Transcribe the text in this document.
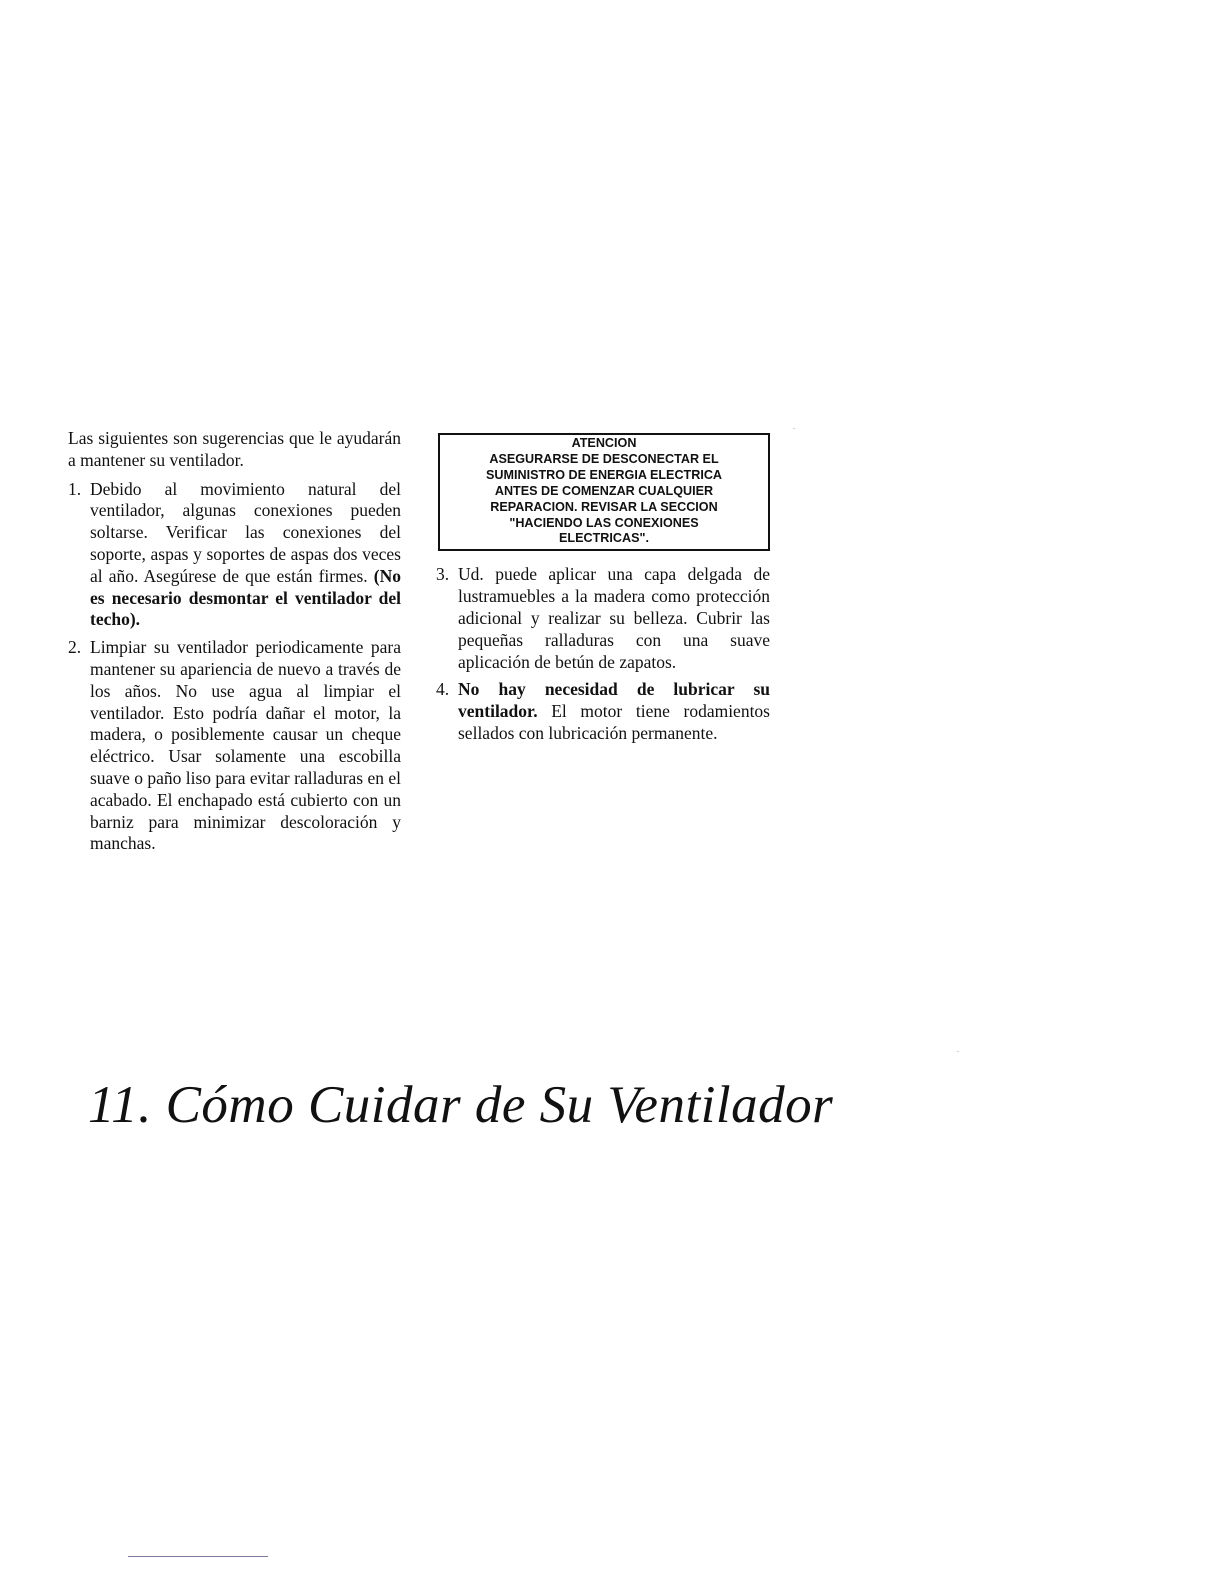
Las siguientes son sugerencias que le ayudarán a mantener su ventilador.

1. Debido al movimiento natural del ventilador, algunas conexiones pueden soltarse. Verificar las conexiones del soporte, aspas y soportes de aspas dos veces al año. Asegúrese de que están firmes. (No es necesario desmontar el ventilador del techo).
2. Limpiar su ventilador periodicamente para mantener su apariencia de nuevo a través de los años. No use agua al limpiar el ventilador. Esto podría dañar el motor, la madera, o posiblemente causar un cheque eléctrico. Usar solamente una escobilla suave o paño liso para evitar ralladuras en el acabado. El enchapado está cubierto con un barniz para minimizar descoloración y manchas.
ATENCION
ASEGURARSE DE DESCONECTAR EL
SUMINISTRO DE ENERGIA ELECTRICA
ANTES DE COMENZAR CUALQUIER
REPARACION. REVISAR LA SECCION
"HACIENDO LAS CONEXIONES
ELECTRICAS".
3. Ud. puede aplicar una capa delgada de lustramuebles a la madera como protección adicional y realizar su belleza. Cubrir las pequeñas ralladuras con una suave aplicación de betún de zapatos.
4. No hay necesidad de lubricar su ventilador. El motor tiene rodamientos sellados con lubricación permanente.
11. Cómo Cuidar de Su Ventilador
